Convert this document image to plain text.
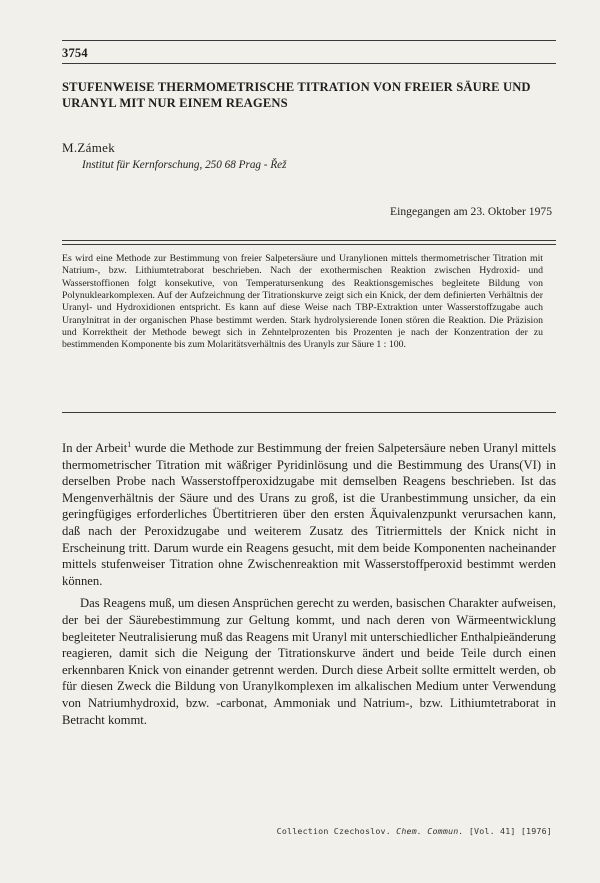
3754
STUFENWEISE THERMOMETRISCHE TITRATION VON FREIER SÄURE UND URANYL MIT NUR EINEM REAGENS
M.Zámek
Institut für Kernforschung, 250 68 Prag - Řež
Eingegangen am 23. Oktober 1975
Es wird eine Methode zur Bestimmung von freier Salpetersäure und Uranylionen mittels thermometrischer Titration mit Natrium-, bzw. Lithiumtetraborat beschrieben. Nach der exothermischen Reaktion zwischen Hydroxid- und Wasserstoffionen folgt konsekutive, von Temperatursenkung des Reaktionsgemisches begleitete Bildung von Polynuklearkomplexen. Auf der Aufzeichnung der Titrationskurve zeigt sich ein Knick, der dem definierten Verhältnis der Uranyl- und Hydroxidionen entspricht. Es kann auf diese Weise nach TBP-Extraktion unter Wasserstoffzugabe auch Uranylnitrat in der organischen Phase bestimmt werden. Stark hydrolysierende Ionen stören die Reaktion. Die Präzision und Korrektheit der Methode bewegt sich in Zehntelprozenten bis Prozenten je nach der Konzentration der zu bestimmenden Komponente bis zum Molaritätsverhältnis des Uranyls zur Säure 1 : 100.

In der Arbeit$^1$ wurde die Methode zur Bestimmung der freien Salpetersäure neben Uranyl mittels thermometrischer Titration mit wäßriger Pyridinlösung und die Bestimmung des Urans(VI) in derselben Probe nach Wasserstoffperoxidzugabe mit demselben Reagens beschrieben. Ist das Mengenverhältnis der Säure und des Urans zu groß, ist die Uranbestimmung unsicher, da ein geringfügiges erforderliches Übertitrieren über den ersten Äquivalenzpunkt verursachen kann, daß nach der Peroxidzugabe und weiterem Zusatz des Titriermittels der Knick nicht in Erscheinung tritt. Darum wurde ein Reagens gesucht, mit dem beide Komponenten nacheinander mittels stufenweiser Titration ohne Zwischenreaktion mit Wasserstoffperoxid bestimmt werden können.

Das Reagens muß, um diesen Ansprüchen gerecht zu werden, basischen Charakter aufweisen, der bei der Säurebestimmung zur Geltung kommt, und nach deren von Wärmeentwicklung begleiteter Neutralisierung muß das Reagens mit Uranyl mit unterschiedlicher Enthalpieänderung reagieren, damit sich die Neigung der Titrationskurve ändert und beide Teile durch einen erkennbaren Knick von einander getrennt werden. Durch diese Arbeit sollte ermittelt werden, ob für diesen Zweck die Bildung von Uranylkomplexen im alkalischen Medium unter Verwendung von Natriumhydroxid, bzw. -carbonat, Ammoniak und Natrium-, bzw. Lithiumtetraborat in Betracht kommt.

Collection Czechoslov. Chem. Commun. [Vol. 41] [1976]
